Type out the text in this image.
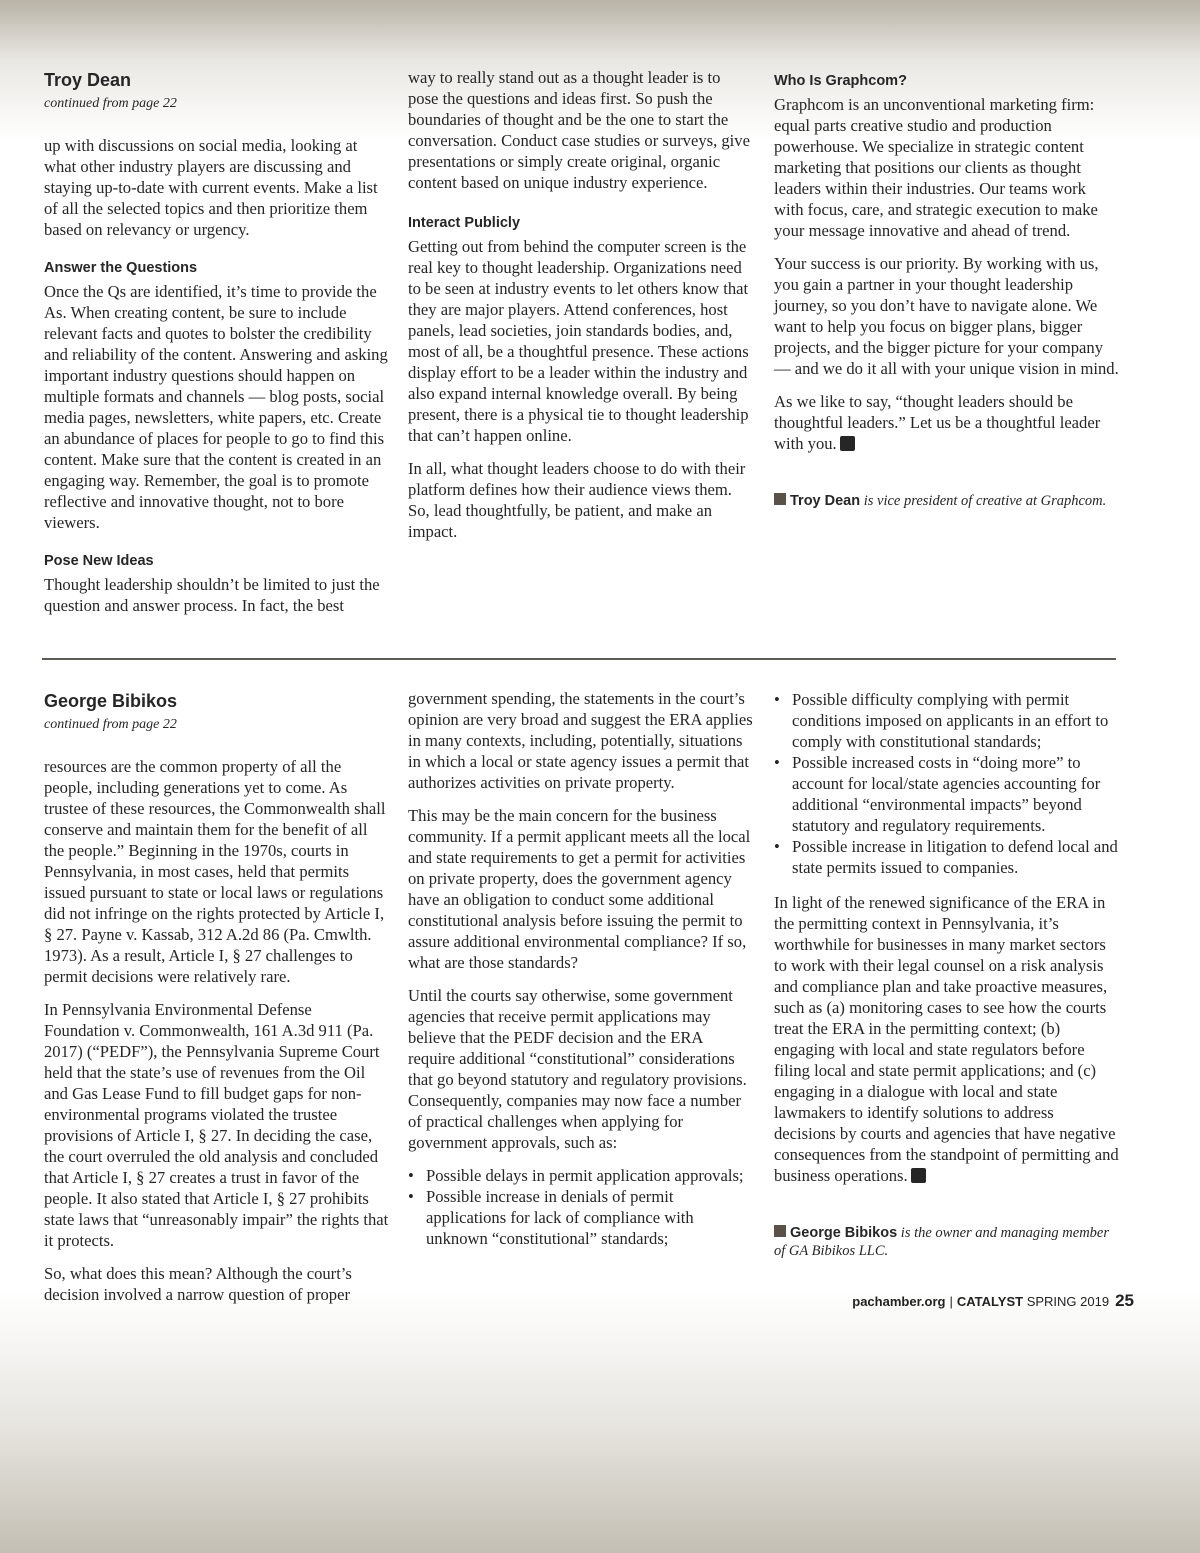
Troy Dean
continued from page 22

up with discussions on social media, looking at what other industry players are discussing and staying up-to-date with current events. Make a list of all the selected topics and then prioritize them based on relevancy or urgency.

Answer the Questions

Once the Qs are identified, it’s time to provide the As. When creating content, be sure to include relevant facts and quotes to bolster the credibility and reliability of the content. Answering and asking important industry questions should happen on multiple formats and channels — blog posts, social media pages, newsletters, white papers, etc. Create an abundance of places for people to go to find this content. Make sure that the content is created in an engaging way. Remember, the goal is to promote reflective and innovative thought, not to bore viewers.

Pose New Ideas

Thought leadership shouldn’t be limited to just the question and answer process. In fact, the best

way to really stand out as a thought leader is to pose the questions and ideas first. So push the boundaries of thought and be the one to start the conversation. Conduct case studies or surveys, give presentations or simply create original, organic content based on unique industry experience.

Interact Publicly

Getting out from behind the computer screen is the real key to thought leadership. Organizations need to be seen at industry events to let others know that they are major players. Attend conferences, host panels, lead societies, join standards bodies, and, most of all, be a thoughtful presence. These actions display effort to be a leader within the industry and also expand internal knowledge overall. By being present, there is a physical tie to thought leadership that can’t happen online.

In all, what thought leaders choose to do with their platform defines how their audience views them. So, lead thoughtfully, be patient, and make an impact.

Who Is Graphcom?

Graphcom is an unconventional marketing firm: equal parts creative studio and production powerhouse. We specialize in strategic content marketing that positions our clients as thought leaders within their industries. Our teams work with focus, care, and strategic execution to make your message innovative and ahead of trend.

Your success is our priority. By working with us, you gain a partner in your thought leadership journey, so you don’t have to navigate alone. We want to help you focus on bigger plans, bigger projects, and the bigger picture for your company — and we do it all with your unique vision in mind.

As we like to say, “thought leaders should be thoughtful leaders.” Let us be a thoughtful leader with you.

Troy Dean is vice president of creative at Graphcom.
George Bibikos
continued from page 22

resources are the common property of all the people, including generations yet to come. As trustee of these resources, the Commonwealth shall conserve and maintain them for the benefit of all the people.” Beginning in the 1970s, courts in Pennsylvania, in most cases, held that permits issued pursuant to state or local laws or regulations did not infringe on the rights protected by Article I, § 27. Payne v. Kassab, 312 A.2d 86 (Pa. Cmwlth. 1973). As a result, Article I, § 27 challenges to permit decisions were relatively rare.

In Pennsylvania Environmental Defense Foundation v. Commonwealth, 161 A.3d 911 (Pa. 2017) (“PEDF”), the Pennsylvania Supreme Court held that the state’s use of revenues from the Oil and Gas Lease Fund to fill budget gaps for non-environmental programs violated the trustee provisions of Article I, § 27. In deciding the case, the court overruled the old analysis and concluded that Article I, § 27 creates a trust in favor of the people. It also stated that Article I, § 27 prohibits state laws that “unreasonably impair” the rights that it protects.

So, what does this mean? Although the court’s decision involved a narrow question of proper

government spending, the statements in the court’s opinion are very broad and suggest the ERA applies in many contexts, including, potentially, situations in which a local or state agency issues a permit that authorizes activities on private property.

This may be the main concern for the business community. If a permit applicant meets all the local and state requirements to get a permit for activities on private property, does the government agency have an obligation to conduct some additional constitutional analysis before issuing the permit to assure additional environmental compliance? If so, what are those standards?

Until the courts say otherwise, some government agencies that receive permit applications may believe that the PEDF decision and the ERA require additional “constitutional” considerations that go beyond statutory and regulatory provisions. Consequently, companies may now face a number of practical challenges when applying for government approvals, such as:

• Possible delays in permit application approvals;
• Possible increase in denials of permit applications for lack of compliance with unknown “constitutional” standards;
• Possible difficulty complying with permit conditions imposed on applicants in an effort to comply with constitutional standards;
• Possible increased costs in “doing more” to account for local/state agencies accounting for additional “environmental impacts” beyond statutory and regulatory requirements.
• Possible increase in litigation to defend local and state permits issued to companies.

In light of the renewed significance of the ERA in the permitting context in Pennsylvania, it’s worthwhile for businesses in many market sectors to work with their legal counsel on a risk analysis and compliance plan and take proactive measures, such as (a) monitoring cases to see how the courts treat the ERA in the permitting context; (b) engaging with local and state regulators before filing local and state permit applications; and (c) engaging in a dialogue with local and state lawmakers to identify solutions to address decisions by courts and agencies that have negative consequences from the standpoint of permitting and business operations.

George Bibikos is the owner and managing member of GA Bibikos LLC.
pachamber.org | CATALYST SPRING 2019 25
